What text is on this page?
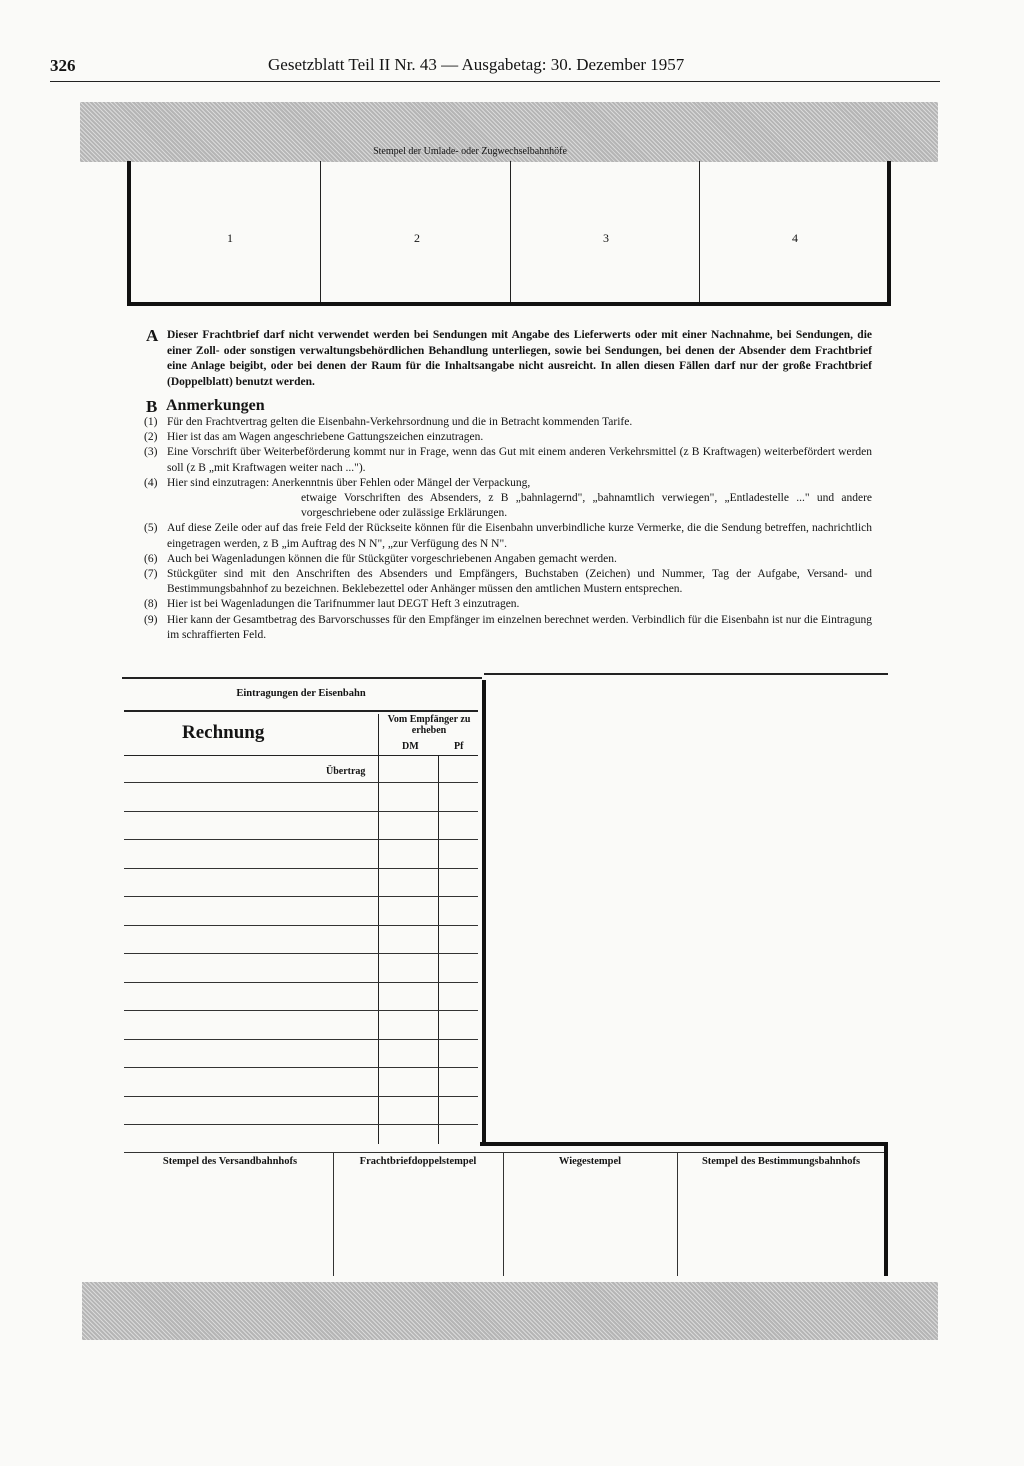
326	Gesetzblatt Teil II Nr. 43 — Ausgabetag: 30. Dezember 1957
Stempel der Umlade- oder Zugwechselbahnhöfe
1	2	3	4
A Dieser Frachtbrief darf nicht verwendet werden bei Sendungen mit Angabe des Lieferwerts oder mit einer Nachnahme, bei Sendungen, die einer Zoll- oder sonstigen verwaltungsbehördlichen Behandlung unterliegen, sowie bei Sendungen, bei denen der Absender dem Frachtbrief eine Anlage beigibt, oder bei denen der Raum für die Inhaltsangabe nicht ausreicht. In allen diesen Fällen darf nur der große Frachtbrief (Doppelblatt) benutzt werden.
B Anmerkungen
(1) Für den Frachtvertrag gelten die Eisenbahn-Verkehrsordnung und die in Betracht kommenden Tarife.
(2) Hier ist das am Wagen angeschriebene Gattungszeichen einzutragen.
(3) Eine Vorschrift über Weiterbeförderung kommt nur in Frage, wenn das Gut mit einem anderen Verkehrsmittel (z B Kraftwagen) weiterbefördert werden soll (z B „mit Kraftwagen weiter nach ...").
(4) Hier sind einzutragen: Anerkenntnis über Fehlen oder Mängel der Verpackung,
etwaige Vorschriften des Absenders, z B „bahnlagernd", „bahnamtlich verwiegen", „Entladestelle ..." und andere vorgeschriebene oder zulässige Erklärungen.
(5) Auf diese Zeile oder auf das freie Feld der Rückseite können für die Eisenbahn unverbindliche kurze Vermerke, die die Sendung betreffen, nachrichtlich eingetragen werden, z B „im Auftrag des N N", „zur Verfügung des N N".
(6) Auch bei Wagenladungen können die für Stückgüter vorgeschriebenen Angaben gemacht werden.
(7) Stückgüter sind mit den Anschriften des Absenders und Empfängers, Buchstaben (Zeichen) und Nummer, Tag der Aufgabe, Versand- und Bestimmungsbahnhof zu bezeichnen. Beklebezettel oder Anhänger müssen den amtlichen Mustern entsprechen.
(8) Hier ist bei Wagenladungen die Tarifnummer laut DEGT Heft 3 einzutragen.
(9) Hier kann der Gesamtbetrag des Barvorschusses für den Empfänger im einzelnen berechnet werden. Verbindlich für die Eisenbahn ist nur die Eintragung im schraffierten Feld.
Eintragungen der Eisenbahn
Rechnung
Vom Empfänger zu erheben
DM	Pf
Übertrag
Stempel des Versandbahnhofs	Frachtbriefdoppelstempel	Wiegestempel	Stempel des Bestimmungsbahnhofs
